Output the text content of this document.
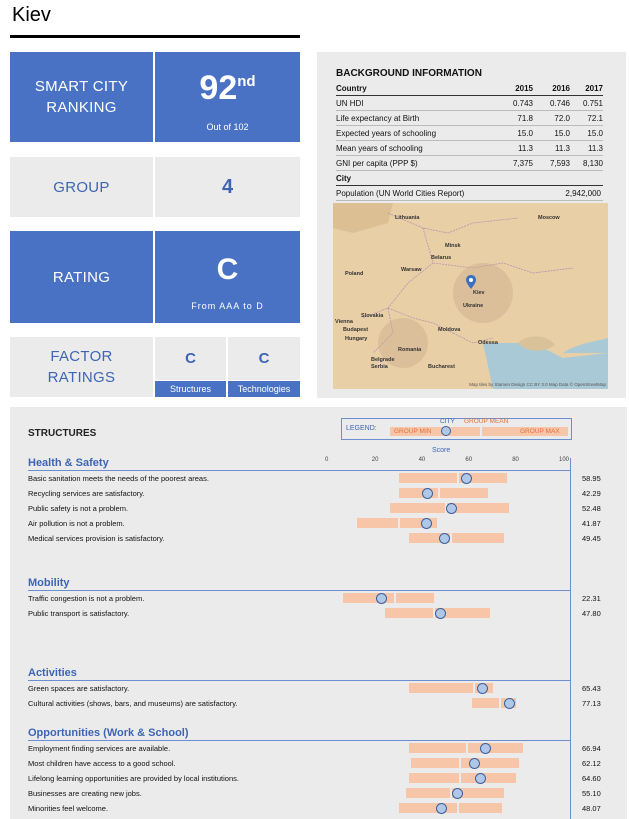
Kiev
SMART CITY
RANKING
92nd
Out of 102
GROUP	4
RATING	C
From AAA to D
FACTOR
RATINGS
C	C
Structures	Technologies
BACKGROUND INFORMATION
Country	2015	2016	2017
UN HDI	0.743	0.746	0.751
Life expectancy at Birth	71.8	72.0	72.1
Expected years of schooling	15.0	15.0	15.0
Mean years of schooling	11.3	11.3	11.3
GNI per capita (PPP $)	7,375	7,593	8,130
City
Population (UN World Cities Report)	2,942,000
Lithuania	Moscow
Minsk
Belarus
Warsaw
Poland
Kiev
Ukraine
Slovakia
Vienna
Budapest
Hungary
Moldova
Odessa
Romania
Belgrade
Serbia	Bucharest
Map tiles by Stamen Design CC BY 3.0 Map Data © OpenStreetMap
STRUCTURES	LEGEND:
CITY GROUP MEAN
GROUP MIN	GROUP MAX
Score
0	20	40	60	80	100
Health & Safety
Basic sanitation meets the needs of the poorest areas.	58.95
Recycling services are satisfactory.	42.29
Public safety is not a problem.	52.48
Air pollution is not a problem.	41.87
Medical services provision is satisfactory.	49.45
Mobility
Traffic congestion is not a problem.	22.31
Public transport is satisfactory.	47.80
Activities
Green spaces are satisfactory.	65.43
Cultural activities (shows, bars, and museums) are satisfactory.	77.13
Opportunities (Work & School)
Employment finding services are available.	66.94
Most children have access to a good school.	62.12
Lifelong learning opportunities are provided by local institutions.	64.60
Businesses are creating new jobs.	55.10
Minorities feel welcome.	48.07
